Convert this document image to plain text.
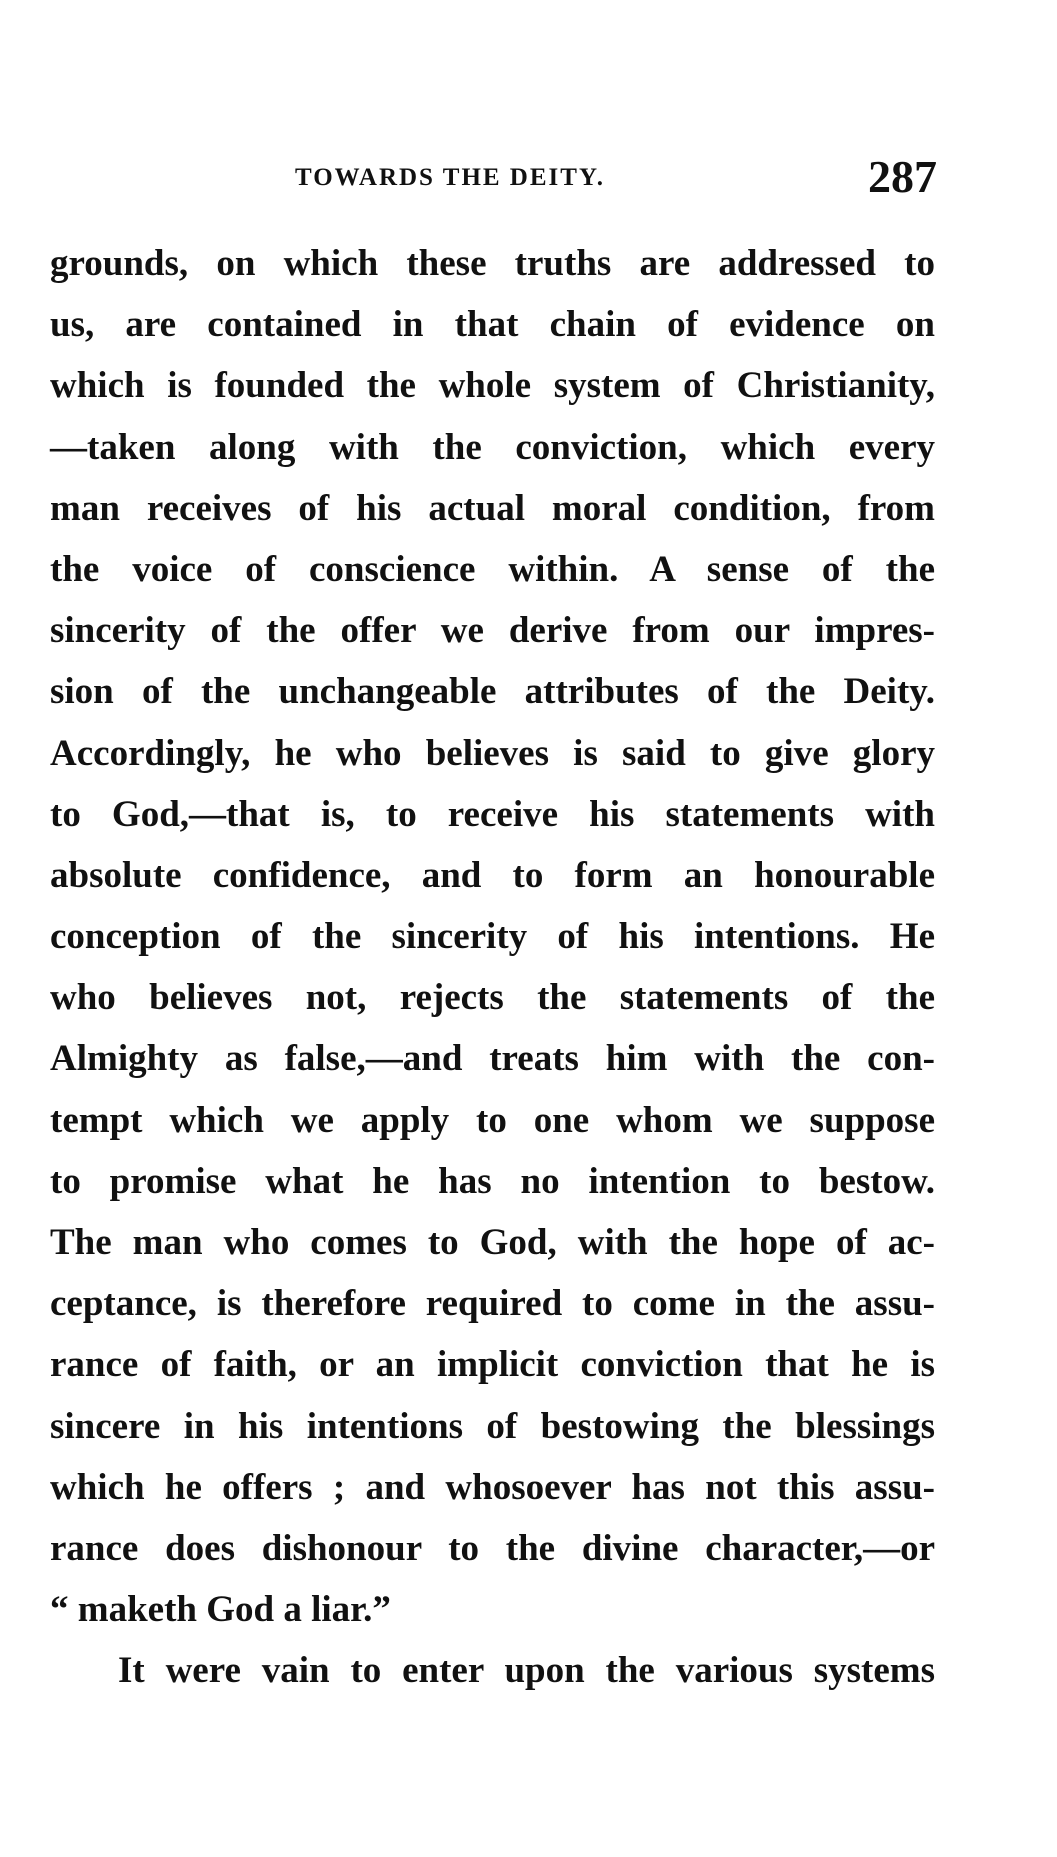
TOWARDS THE DEITY.	287
grounds, on which these truths are addressed to
us, are contained in that chain of evidence on
which is founded the whole system of Christianity,
—taken along with the conviction, which every
man receives of his actual moral condition, from
the voice of conscience within. A sense of the
sincerity of the offer we derive from our impres-
sion of the unchangeable attributes of the Deity.
Accordingly, he who believes is said to give glory
to God,—that is, to receive his statements with
absolute confidence, and to form an honourable
conception of the sincerity of his intentions. He
who believes not, rejects the statements of the
Almighty as false,—and treats him with the con-
tempt which we apply to one whom we suppose
to promise what he has no intention to bestow.
The man who comes to God, with the hope of ac-
ceptance, is therefore required to come in the assu-
rance of faith, or an implicit conviction that he is
sincere in his intentions of bestowing the blessings
which he offers ; and whosoever has not this assu-
rance does dishonour to the divine character,—or
“ maketh God a liar.”
It were vain to enter upon the various systems
